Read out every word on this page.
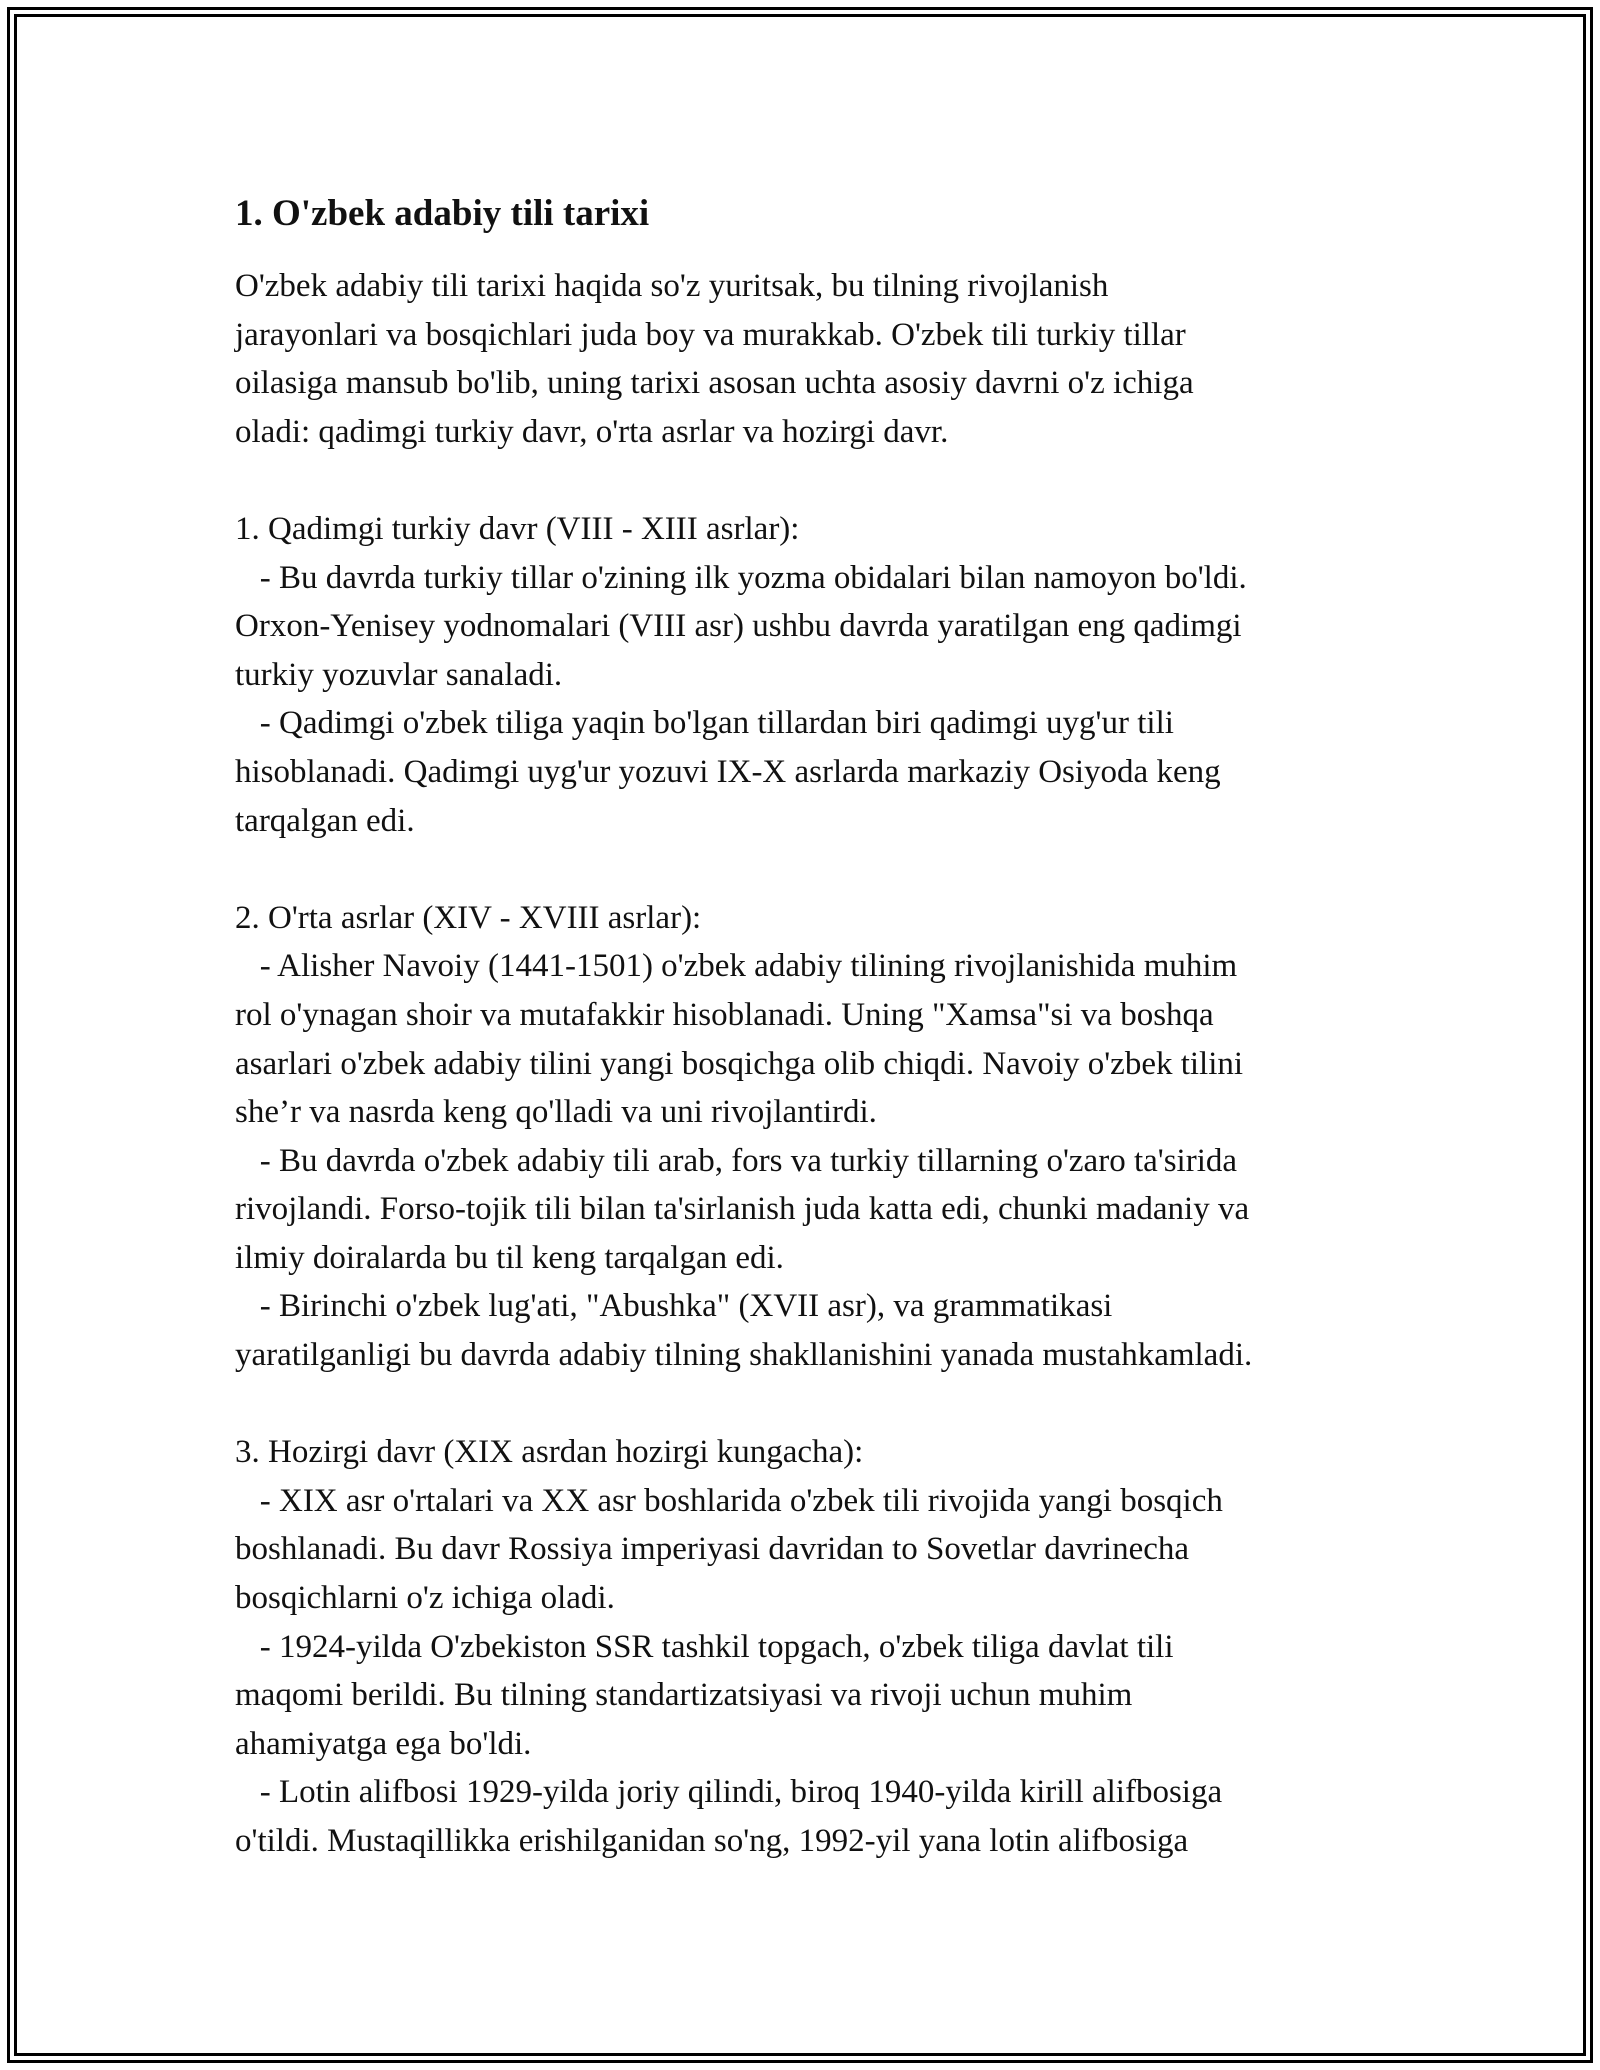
1. O'zbek adabiy tili tarixi
O'zbek adabiy tili tarixi haqida so'z yuritsak, bu tilning rivojlanish
jarayonlari va bosqichlari juda boy va murakkab. O'zbek tili turkiy tillar
oilasiga mansub bo'lib, uning tarixi asosan uchta asosiy davrni o'z ichiga
oladi: qadimgi turkiy davr, o'rta asrlar va hozirgi davr.
1. Qadimgi turkiy davr (VIII - XIII asrlar):
- Bu davrda turkiy tillar o'zining ilk yozma obidalari bilan namoyon bo'ldi.
Orxon-Yenisey yodnomalari (VIII asr) ushbu davrda yaratilgan eng qadimgi
turkiy yozuvlar sanaladi.
- Qadimgi o'zbek tiliga yaqin bo'lgan tillardan biri qadimgi uyg'ur tili
hisoblanadi. Qadimgi uyg'ur yozuvi IX-X asrlarda markaziy Osiyoda keng
tarqalgan edi.
2. O'rta asrlar (XIV - XVIII asrlar):
- Alisher Navoiy (1441-1501) o'zbek adabiy tilining rivojlanishida muhim
rol o'ynagan shoir va mutafakkir hisoblanadi. Uning "Xamsa"si va boshqa
asarlari o'zbek adabiy tilini yangi bosqichga olib chiqdi. Navoiy o'zbek tilini
she’r va nasrda keng qo'lladi va uni rivojlantirdi.
- Bu davrda o'zbek adabiy tili arab, fors va turkiy tillarning o'zaro ta'sirida
rivojlandi. Forso-tojik tili bilan ta'sirlanish juda katta edi, chunki madaniy va
ilmiy doiralarda bu til keng tarqalgan edi.
- Birinchi o'zbek lug'ati, "Abushka" (XVII asr), va grammatikasi
yaratilganligi bu davrda adabiy tilning shakllanishini yanada mustahkamladi.
3. Hozirgi davr (XIX asrdan hozirgi kungacha):
- XIX asr o'rtalari va XX asr boshlarida o'zbek tili rivojida yangi bosqich
boshlanadi. Bu davr Rossiya imperiyasi davridan to Sovetlar davrinecha
bosqichlarni o'z ichiga oladi.
- 1924-yilda O'zbekiston SSR tashkil topgach, o'zbek tiliga davlat tili
maqomi berildi. Bu tilning standartizatsiyasi va rivoji uchun muhim
ahamiyatga ega bo'ldi.
- Lotin alifbosi 1929-yilda joriy qilindi, biroq 1940-yilda kirill alifbosiga
o'tildi. Mustaqillikka erishilganidan so'ng, 1992-yil yana lotin alifbosiga
